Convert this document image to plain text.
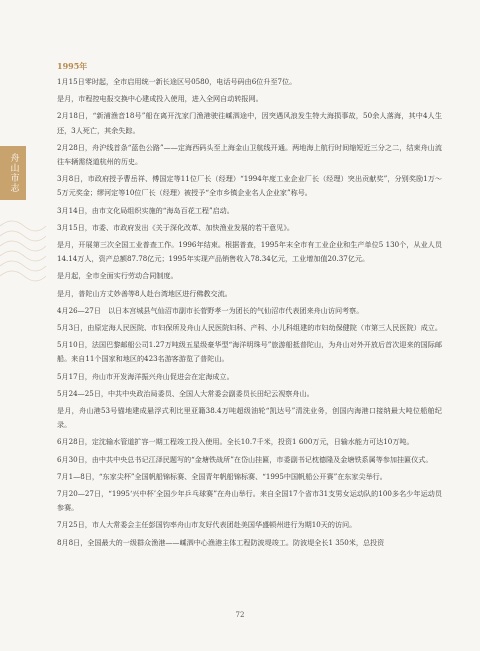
舟山市志
1995年

1月15日零时起，全市启用统一新长途区号0580，电话号码由6位升至7位。

是月，市程控电报交换中心建成投入使用，进入全网自动转报网。

2月18日，“新浦渔音18号”船在离开沈家门渔港驶往嵊泗途中，因突遇风浪发生特大海损事故，50余人落海，其中4人生还，3人死亡，其余失踪。

2月28日，舟沪线首条“蓝色公路”——定海西码头至上海金山卫航线开通。两地海上航行时间缩短近三分之二，结束舟山流往车辆需绕道杭州的历史。

3月8日，市政府授予曹岳祥、傅国定等11位厂长（经理）“1994年度工业企业厂长（经理）突出贡献奖”，分别奖励1万～5万元奖金；缪河定等10位厂长（经理）被授予“全市乡镇企业名人企业家”称号。

3月14日，由市文化局组织实施的“海岛百花工程”启动。

3月15日，市委、市政府发出《关于深化改革、加快渔业发展的若干意见》。

是月，开展第三次全国工业普查工作。1996年结束。根据普查，1995年末全市有工业企业和生产单位5 130个，从业人员14.14万人，资产总额87.78亿元；1995年实现产品销售收入78.34亿元，工业增加值20.37亿元。

是月起，全市全面实行劳动合同制度。

是月，普陀山方丈妙善等8人赴台湾地区进行佛教交流。

4月26—27日　以日本宫城县气仙沼市副市长菅野孝一为团长的气仙沼市代表团来舟山访问考察。

5月3日，由原定海人民医院、市妇保所及舟山人民医院妇科、产科、小儿科组建的市妇幼保健院（市第三人民医院）成立。

5月10日，法国巴黎邮船公司1.27万吨级五星级豪华型“海洋明珠号”旅游船抵普陀山，为舟山对外开放后首次迎来的国际邮船。来自11个国家和地区的423名游客游览了普陀山。

5月17日，舟山市开发海洋振兴舟山促进会在定海成立。

5月24—25日，中共中央政治局委员、全国人大常委会副委员长田纪云视察舟山。

是月，舟山港53号锚地建成悬浮式利比里亚籍38.4万吨超级油轮“凯达号”清洗业务，创国内海港口接纳最大吨位船舶纪录。

6月28日，定沈输水管道扩容一期工程竣工投入使用。全长10.7千米，投资1 600万元，日输水能力可达10万吨。

6月30日，由中共中央总书记江泽民题写的“金塘铁战所”在岱山挂匾，市委副书记枕德隆及金塘铁系属等参加挂匾仪式。

7月1—8日，“东家尖杯”全国帆船锦标赛、全国青年帆船锦标赛、“1995中国帆船公开赛”在东家尖举行。

7月20—27日，“1995‘兴中杯’全国少年乒乓球赛”在舟山举行。来自全国17个省市31支男女运动队的100多名少年运动员参赛。

7月25日，市人大常委会主任彭国钧率舟山市友好代表团赴美国华盛顿州进行为期10天的访问。

8月8日，全国最大的一级群众渔港——嵊泗中心渔港主体工程防波堤竣工。防波堤全长1 350米，总投资

72
